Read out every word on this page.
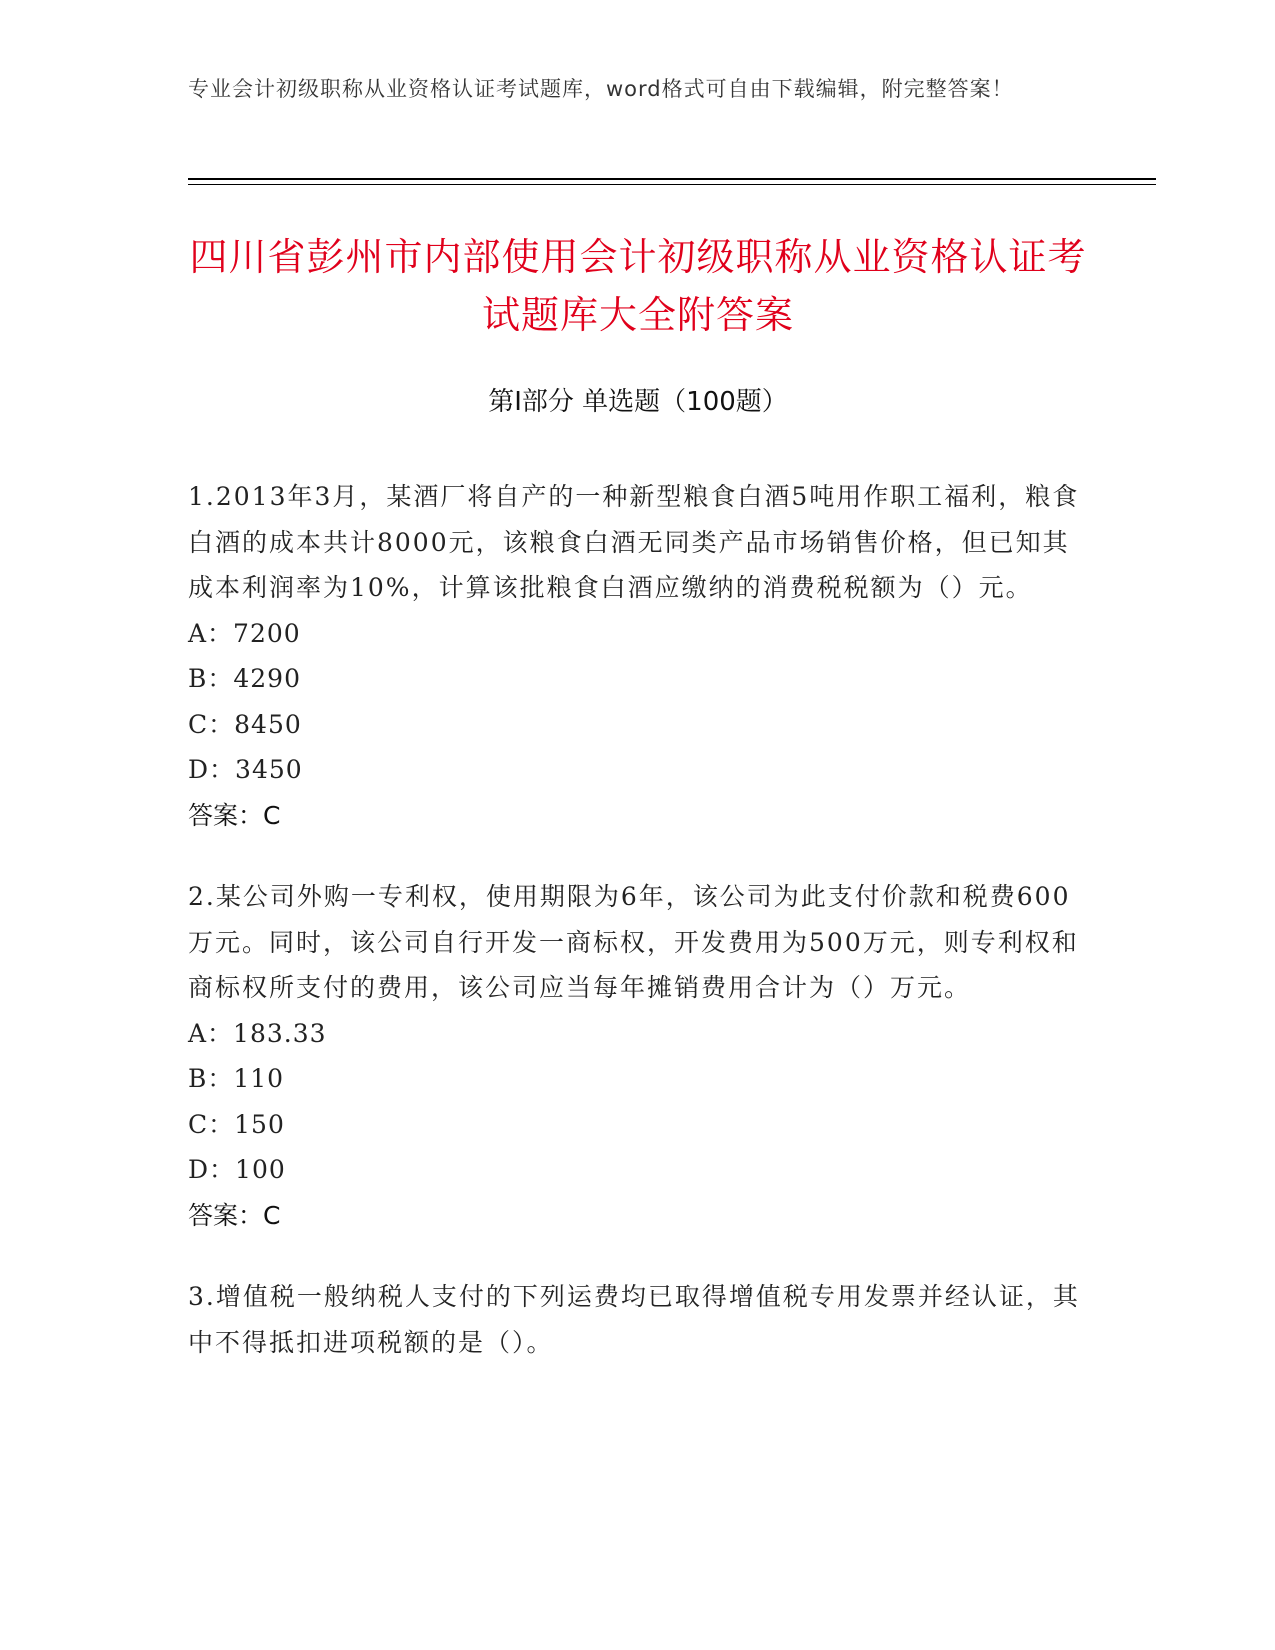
专业会计初级职称从业资格认证考试题库，word格式可自由下载编辑，附完整答案！
四川省彭州市内部使用会计初级职称从业资格认证考试题库大全附答案
第Ⅰ部分 单选题（100题）

1.2013年3月，某酒厂将自产的一种新型粮食白酒5吨用作职工福利，粮食白酒的成本共计8000元，该粮食白酒无同类产品市场销售价格，但已知其成本利润率为10%，计算该批粮食白酒应缴纳的消费税税额为（）元。

A：7200

B：4290

C：8450

D：3450

答案：C

2.某公司外购一专利权，使用期限为6年，该公司为此支付价款和税费600万元。同时，该公司自行开发一商标权，开发费用为500万元，则专利权和商标权所支付的费用，该公司应当每年摊销费用合计为（）万元。

A：183.33

B：110

C：150

D：100

答案：C

3.增值税一般纳税人支付的下列运费均已取得增值税专用发票并经认证，其中不得抵扣进项税额的是（）。
